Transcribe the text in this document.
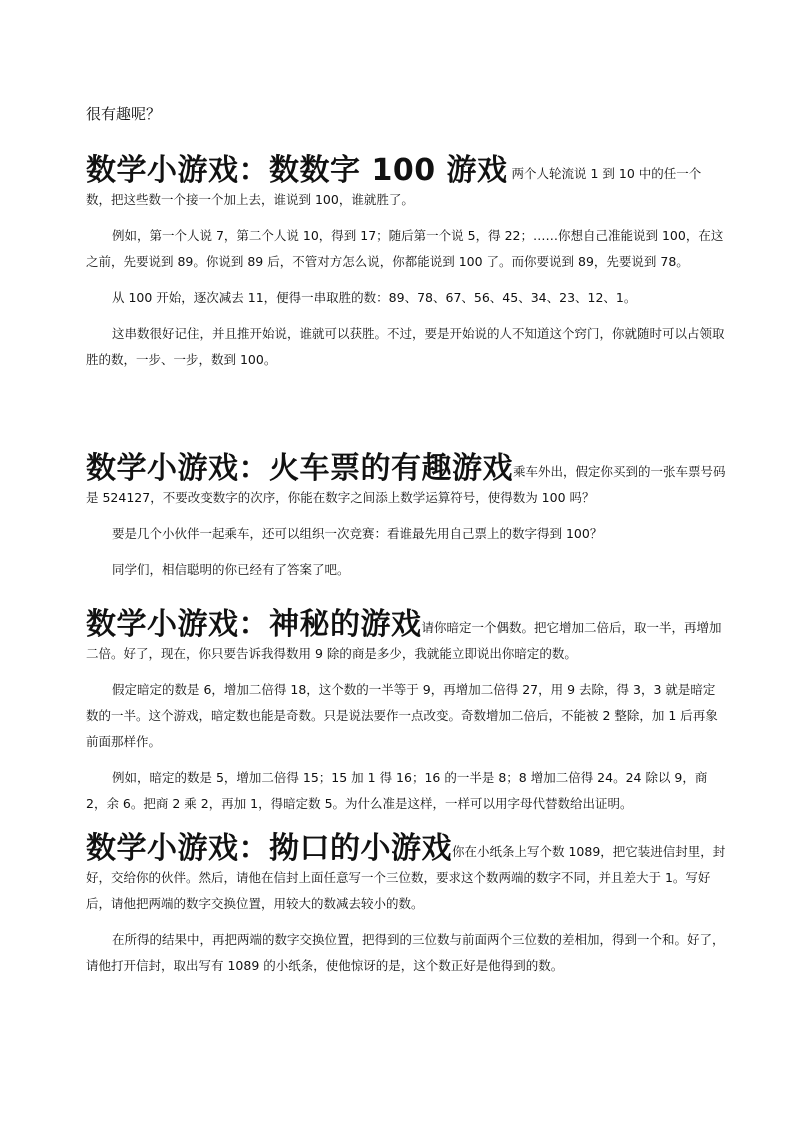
很有趣呢？

数学小游戏：数数字 100 游戏 两个人轮流说 1 到 10 中的任一个数，把这些数一个接一个加上去，谁说到 100，谁就胜了。

例如，第一个人说 7，第二个人说 10，得到 17；随后第一个说 5，得 22；……你想自己准能说到 100，在这之前，先要说到 89。你说到 89 后，不管对方怎么说，你都能说到 100 了。而你要说到 89，先要说到 78。

从 100 开始，逐次减去 11，便得一串取胜的数：89、78、67、56、45、34、23、12、1。

这串数很好记住，并且推开始说，谁就可以获胜。不过，要是开始说的人不知道这个窍门，你就随时可以占领取胜的数，一步、一步，数到 100。

数学小游戏：火车票的有趣游戏乘车外出，假定你买到的一张车票号码是 524127，不要改变数字的次序，你能在数字之间添上数学运算符号，使得数为 100 吗？

要是几个小伙伴一起乘车，还可以组织一次竞赛：看谁最先用自己票上的数字得到 100？

同学们，相信聪明的你已经有了答案了吧。

数学小游戏：神秘的游戏请你暗定一个偶数。把它增加二倍后，取一半，再增加二倍。好了，现在，你只要告诉我得数用 9 除的商是多少，我就能立即说出你暗定的数。

假定暗定的数是 6，增加二倍得 18，这个数的一半等于 9，再增加二倍得 27，用 9 去除，得 3，3 就是暗定数的一半。这个游戏，暗定数也能是奇数。只是说法要作一点改变。奇数增加二倍后，不能被 2 整除，加 1 后再象前面那样作。

例如，暗定的数是 5，增加二倍得 15；15 加 1 得 16；16 的一半是 8；8 增加二倍得 24。24 除以 9，商 2，余 6。把商 2 乘 2，再加 1，得暗定数 5。为什么准是这样，一样可以用字母代替数给出证明。

数学小游戏：拗口的小游戏你在小纸条上写个数 1089，把它装进信封里，封好，交给你的伙伴。然后，请他在信封上面任意写一个三位数，要求这个数两端的数字不同，并且差大于 1。写好后，请他把两端的数字交换位置，用较大的数减去较小的数。

在所得的结果中，再把两端的数字交换位置，把得到的三位数与前面两个三位数的差相加，得到一个和。好了，请他打开信封，取出写有 1089 的小纸条，使他惊讶的是，这个数正好是他得到的数。
